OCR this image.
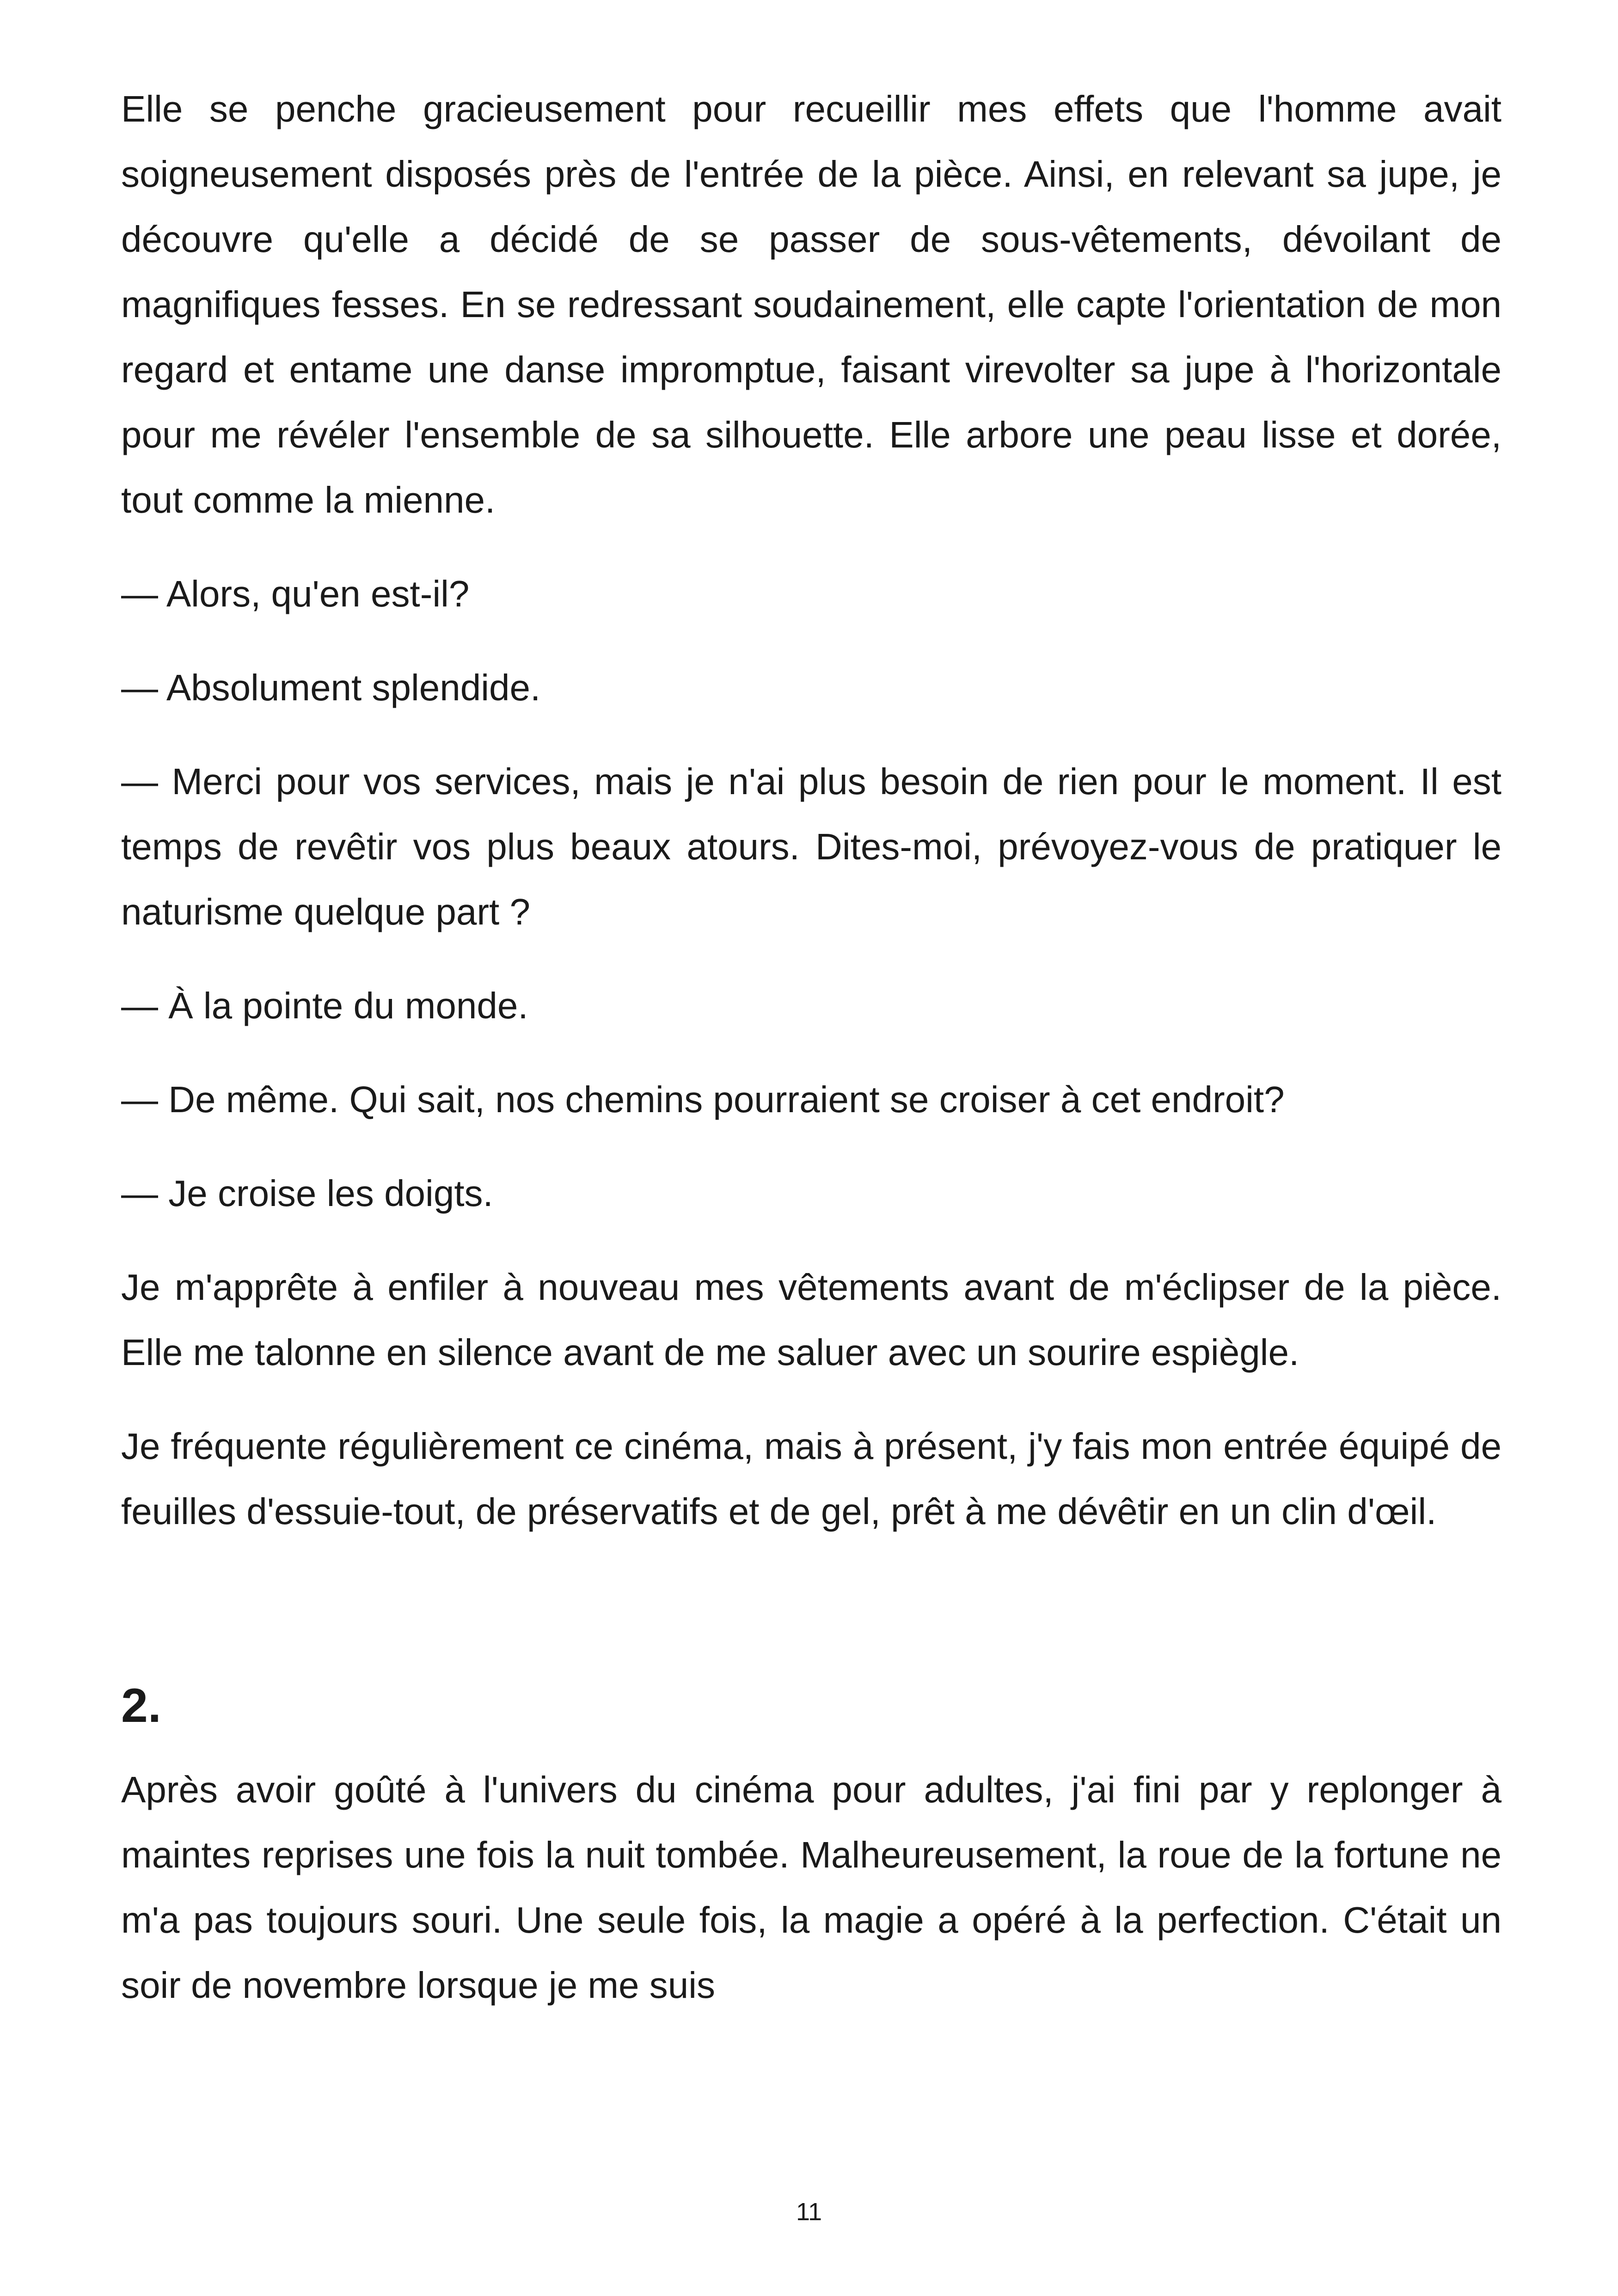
Elle se penche gracieusement pour recueillir mes effets que l'homme avait soigneusement disposés près de l'entrée de la pièce. Ainsi, en relevant sa jupe, je découvre qu'elle a décidé de se passer de sous-vêtements, dévoilant de magnifiques fesses. En se redressant soudainement, elle capte l'orientation de mon regard et entame une danse impromptue, faisant virevolter sa jupe à l'horizontale pour me révéler l'ensemble de sa silhouette. Elle arbore une peau lisse et dorée, tout comme la mienne.

— Alors, qu'en est-il?

— Absolument splendide.

— Merci pour vos services, mais je n'ai plus besoin de rien pour le moment. Il est temps de revêtir vos plus beaux atours. Dites-moi, prévoyez-vous de pratiquer le naturisme quelque part ?

— À la pointe du monde.

— De même. Qui sait, nos chemins pourraient se croiser à cet endroit?

— Je croise les doigts.

Je m'apprête à enfiler à nouveau mes vêtements avant de m'éclipser de la pièce. Elle me talonne en silence avant de me saluer avec un sourire espiègle.

Je fréquente régulièrement ce cinéma, mais à présent, j'y fais mon entrée équipé de feuilles d'essuie-tout, de préservatifs et de gel, prêt à me dévêtir en un clin d'œil.

2.

Après avoir goûté à l'univers du cinéma pour adultes, j'ai fini par y replonger à maintes reprises une fois la nuit tombée. Malheureusement, la roue de la fortune ne m'a pas toujours souri. Une seule fois, la magie a opéré à la perfection. C'était un soir de novembre lorsque je me suis

11
